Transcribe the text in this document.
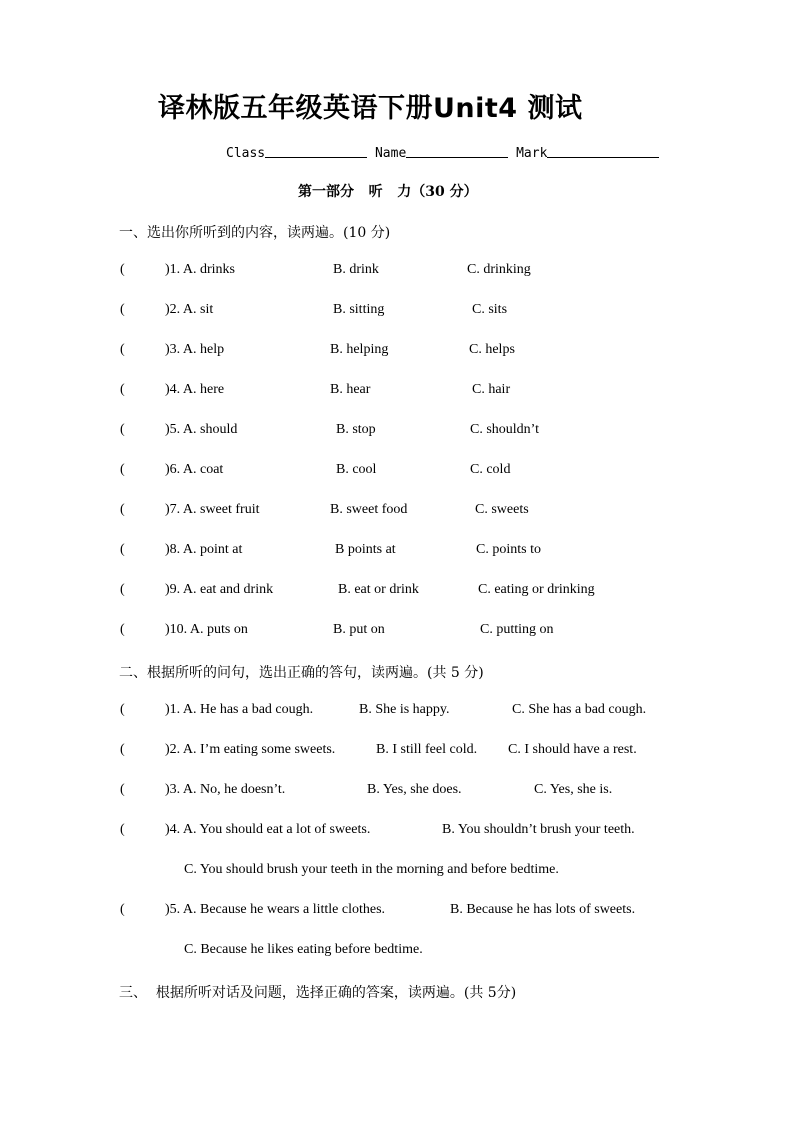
译林版五年级英语下册Unit4 测试
Class	Name	Mark
第一部分   听   力（30 分）
一、选出你所听到的内容，读两遍。(10 分)
(	)1. A. drinks	B. drink	C. drinking
(	)2. A. sit	B. sitting	C. sits
(	)3. A. help	B. helping	C. helps
(	)4. A. here	B. hear	C. hair
(	)5. A. should	B. stop	C. shouldn’t
(	)6. A. coat	B. cool	C. cold
(	)7. A. sweet fruit	B. sweet food	C. sweets
(	)8. A. point at	B points at	C. points to
(	)9. A. eat and drink	B. eat or drink	C. eating or drinking
(	)10. A. puts on	B. put on	C. putting on
二、根据所听的问句，选出正确的答句，读两遍。(共 5 分)
(	)1. A. He has a bad cough.	B. She is happy.	C. She has a bad cough.
(	)2. A. I’m eating some sweets.	B. I still feel cold. C. I should have a rest.
(	)3. A. No, he doesn’t.	B. Yes, she does.	C. Yes, she is.
(	)4. A. You should eat a lot of sweets.	B. You shouldn’t brush your teeth.
C. You should brush your teeth in the morning and before bedtime.
(	)5. A. Because he wears a little clothes.	B. Because he has lots of sweets.
C. Because he likes eating before bedtime.
三、  根据所听对话及问题，选择正确的答案，读两遍。(共 5分)
